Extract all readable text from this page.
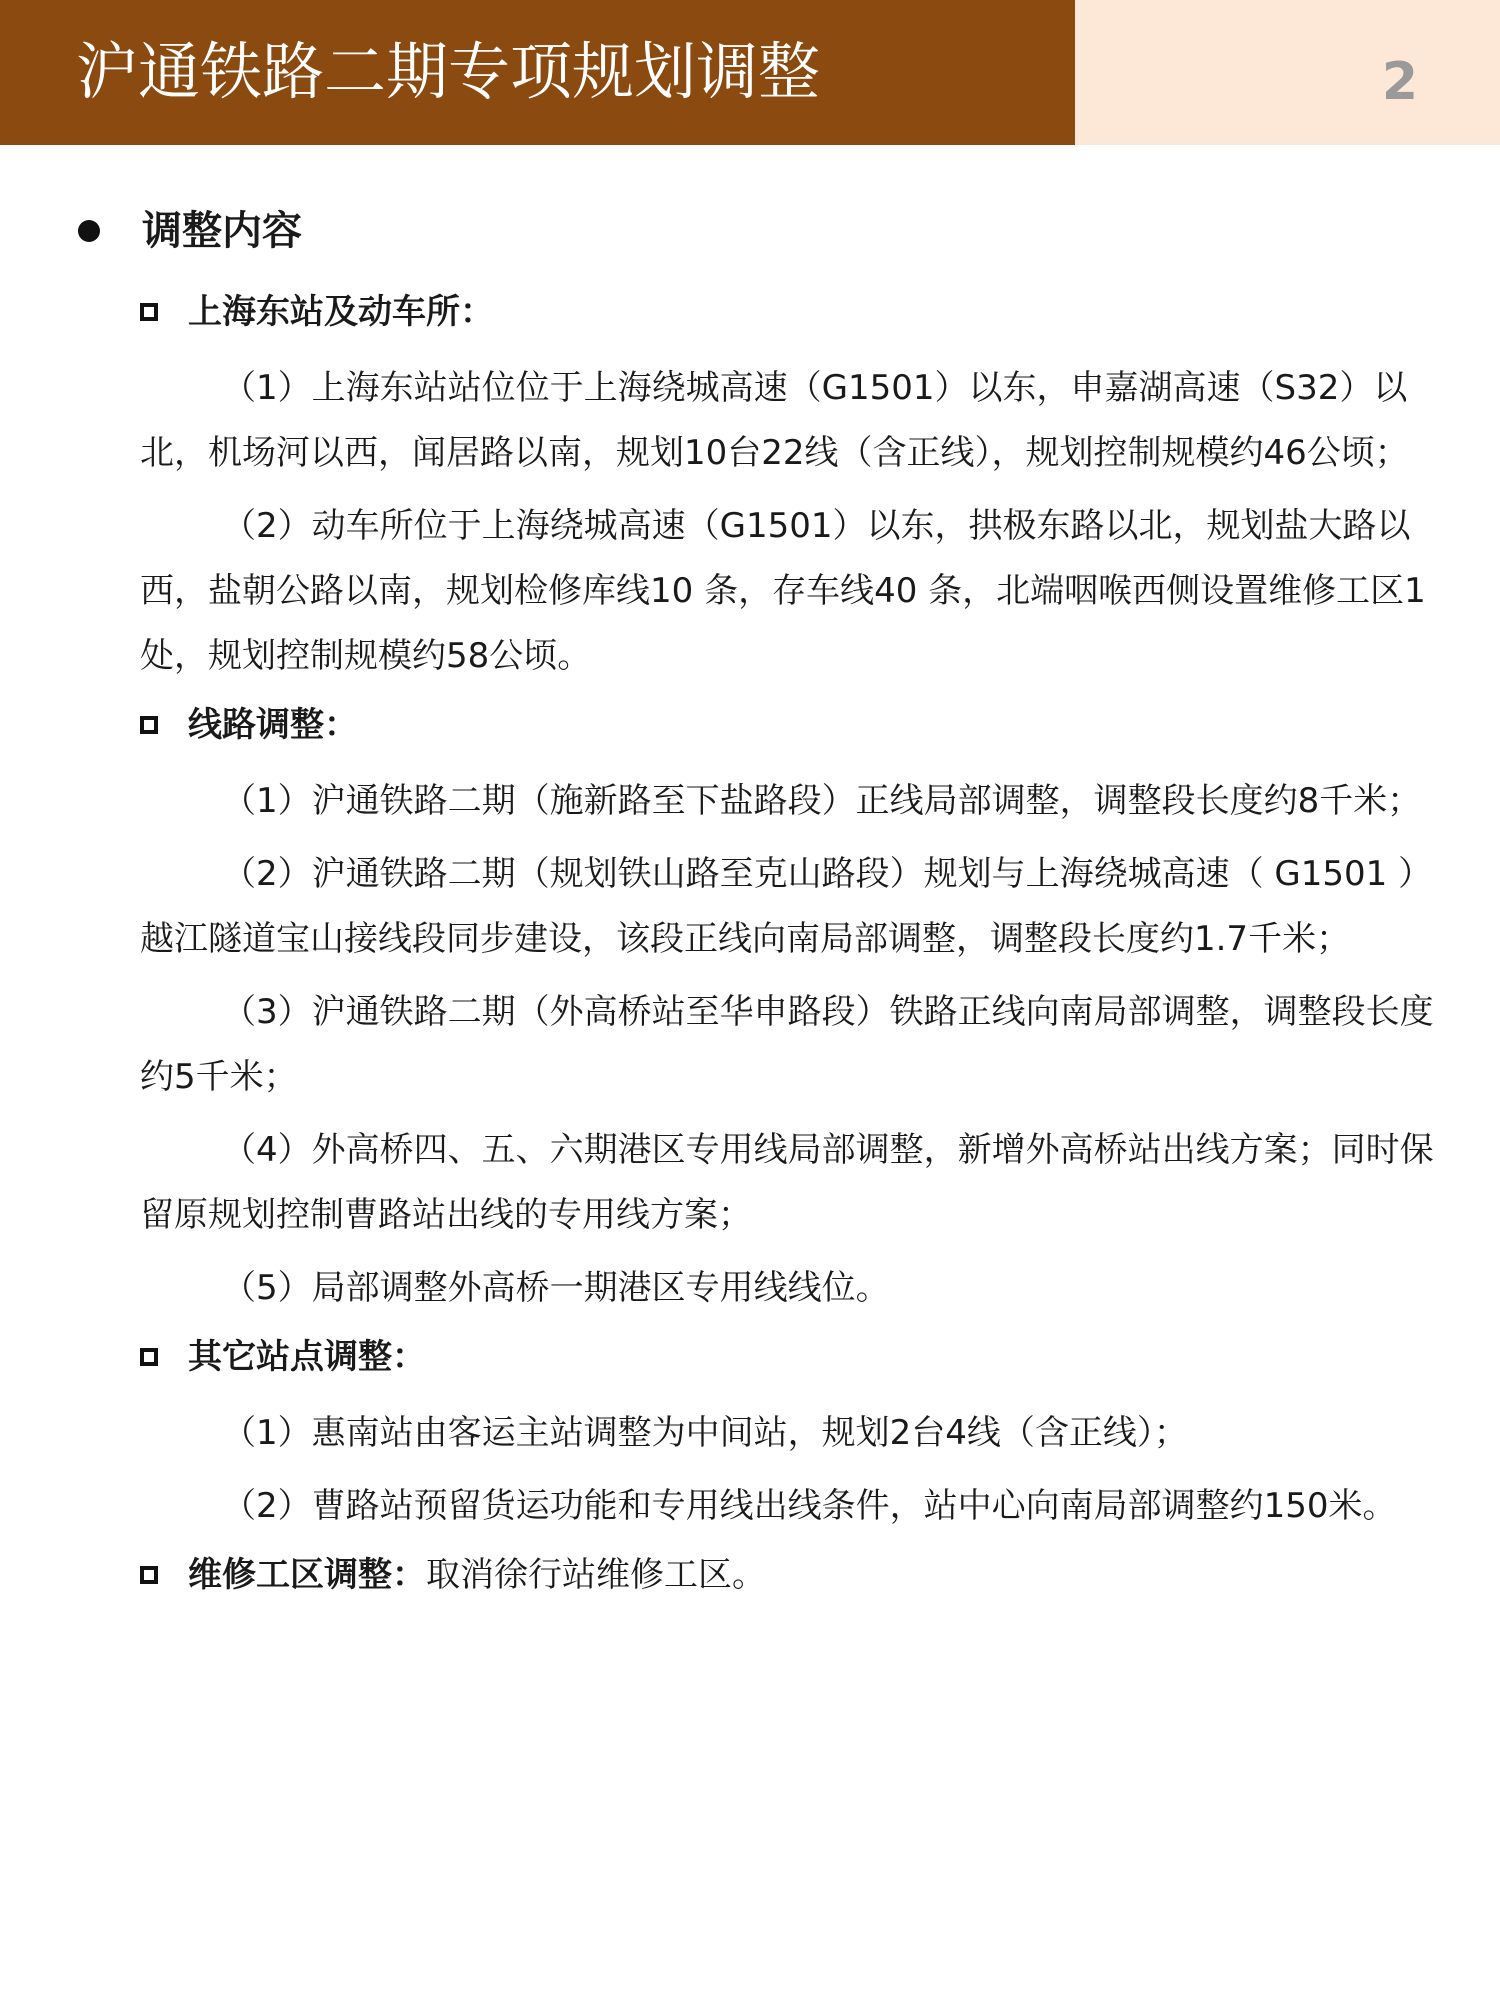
沪通铁路二期专项规划调整	2
调整内容
上海东站及动车所：

（1）上海东站站位位于上海绕城高速（G1501）以东，申嘉湖高速（S32）以北，机场河以西，闻居路以南，规划10台22线（含正线），规划控制规模约46公顷；

（2）动车所位于上海绕城高速（G1501）以东，拱极东路以北，规划盐大路以西，盐朝公路以南，规划检修库线10 条，存车线40 条，北端咽喉西侧设置维修工区1处，规划控制规模约58公顷。

线路调整：

（1）沪通铁路二期（施新路至下盐路段）正线局部调整，调整段长度约8千米；

（2）沪通铁路二期（规划铁山路至克山路段）规划与上海绕城高速（ G1501 ）越江隧道宝山接线段同步建设，该段正线向南局部调整，调整段长度约1.7千米；

（3）沪通铁路二期（外高桥站至华申路段）铁路正线向南局部调整，调整段长度约5千米；

（4）外高桥四、五、六期港区专用线局部调整，新增外高桥站出线方案；同时保留原规划控制曹路站出线的专用线方案；

（5）局部调整外高桥一期港区专用线线位。

其它站点调整：

（1）惠南站由客运主站调整为中间站，规划2台4线（含正线）；

（2）曹路站预留货运功能和专用线出线条件，站中心向南局部调整约150米。

维修工区调整： 取消徐行站维修工区。
